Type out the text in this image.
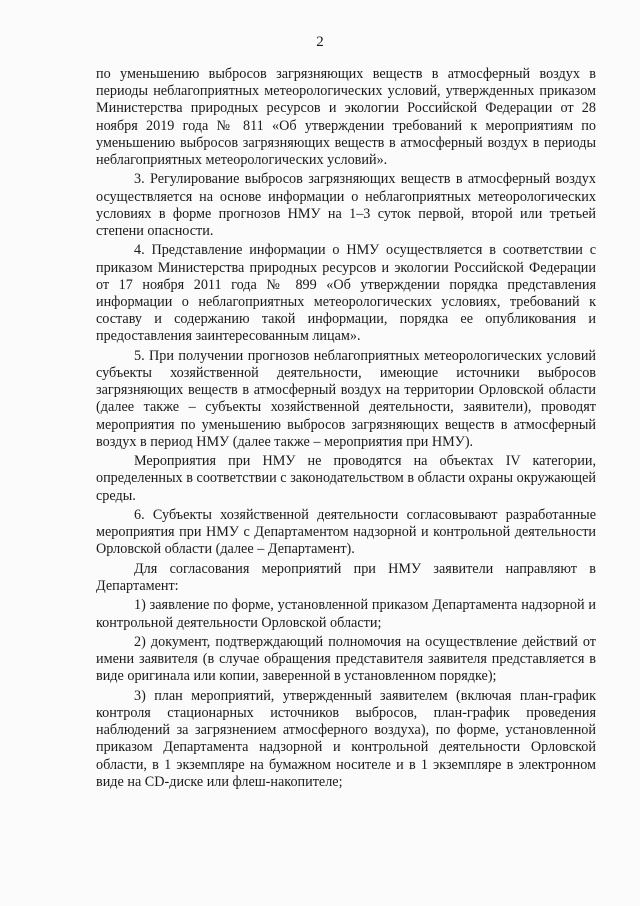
2

по уменьшению выбросов загрязняющих веществ в атмосферный воздух в периоды неблагоприятных метеорологических условий, утвержденных приказом Министерства природных ресурсов и экологии Российской Федерации от 28 ноября 2019 года № 811 «Об утверждении требований к мероприятиям по уменьшению выбросов загрязняющих веществ в атмосферный воздух в периоды неблагоприятных метеорологических условий».

3. Регулирование выбросов загрязняющих веществ в атмосферный воздух осуществляется на основе информации о неблагоприятных метеорологических условиях в форме прогнозов НМУ на 1–3 суток первой, второй или третьей степени опасности.

4. Представление информации о НМУ осуществляется в соответствии с приказом Министерства природных ресурсов и экологии Российской Федерации от 17 ноября 2011 года № 899 «Об утверждении порядка представления информации о неблагоприятных метеорологических условиях, требований к составу и содержанию такой информации, порядка ее опубликования и предоставления заинтересованным лицам».

5. При получении прогнозов неблагоприятных метеорологических условий субъекты хозяйственной деятельности, имеющие источники выбросов загрязняющих веществ в атмосферный воздух на территории Орловской области (далее также – субъекты хозяйственной деятельности, заявители), проводят мероприятия по уменьшению выбросов загрязняющих веществ в атмосферный воздух в период НМУ (далее также – мероприятия при НМУ).

Мероприятия при НМУ не проводятся на объектах IV категории, определенных в соответствии с законодательством в области охраны окружающей среды.

6. Субъекты хозяйственной деятельности согласовывают разработанные мероприятия при НМУ с Департаментом надзорной и контрольной деятельности Орловской области (далее – Департамент).

Для согласования мероприятий при НМУ заявители направляют в Департамент:

1) заявление по форме, установленной приказом Департамента надзорной и контрольной деятельности Орловской области;

2) документ, подтверждающий полномочия на осуществление действий от имени заявителя (в случае обращения представителя заявителя представляется в виде оригинала или копии, заверенной в установленном порядке);

3) план мероприятий, утвержденный заявителем (включая план-график контроля стационарных источников выбросов, план-график проведения наблюдений за загрязнением атмосферного воздуха), по форме, установленной приказом Департамента надзорной и контрольной деятельности Орловской области, в 1 экземпляре на бумажном носителе и в 1 экземпляре в электронном виде на CD-диске или флеш-накопителе;
